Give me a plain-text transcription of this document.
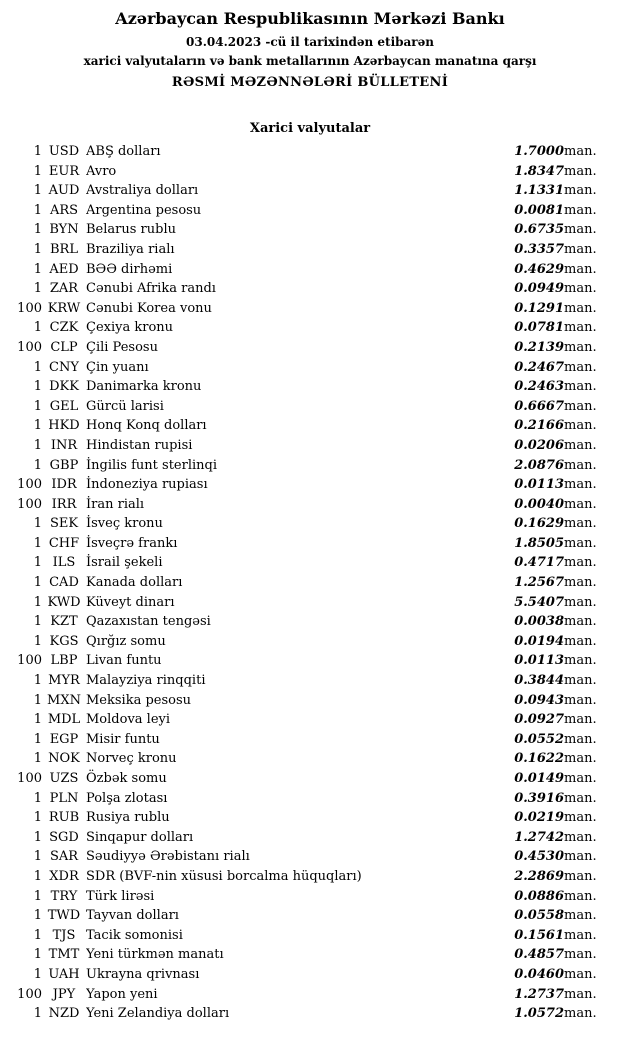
Azərbaycan Respublikasının Mərkəzi Bankı
03.04.2023 -cü il tarixindən etibarən
xarici valyutaların və bank metallarının Azərbaycan manatına qarşı
RƏSMİ MƏZƏNNƏLƏRİ BÜLLETENİ
Xarici valyutalar
1	USD	ABŞ dolları	1.7000	man.
1	EUR	Avro	1.8347	man.
1	AUD	Avstraliya dolları	1.1331	man.
1	ARS	Argentina pesosu	0.0081	man.
1	BYN	Belarus rublu	0.6735	man.
1	BRL	Braziliya rialı	0.3357	man.
1	AED	BƏƏ dirhəmi	0.4629	man.
1	ZAR	Cənubi Afrika randı	0.0949	man.
100	KRW	Cənubi Korea vonu	0.1291	man.
1	CZK	Çexiya kronu	0.0781	man.
100	CLP	Çili Pesosu	0.2139	man.
1	CNY	Çin yuanı	0.2467	man.
1	DKK	Danimarka kronu	0.2463	man.
1	GEL	Gürcü larisi	0.6667	man.
1	HKD	Honq Konq dolları	0.2166	man.
1	INR	Hindistan rupisi	0.0206	man.
1	GBP	İngilis funt sterlinqi	2.0876	man.
100	IDR	İndoneziya rupiası	0.0113	man.
100	IRR	İran rialı	0.0040	man.
1	SEK	İsveç kronu	0.1629	man.
1	CHF	İsveçrə frankı	1.8505	man.
1	ILS	İsrail şekeli	0.4717	man.
1	CAD	Kanada dolları	1.2567	man.
1	KWD	Küveyt dinarı	5.5407	man.
1	KZT	Qazaxıstan tengəsi	0.0038	man.
1	KGS	Qırğız somu	0.0194	man.
100	LBP	Livan funtu	0.0113	man.
1	MYR	Malayziya rinqqiti	0.3844	man.
1	MXN	Meksika pesosu	0.0943	man.
1	MDL	Moldova leyi	0.0927	man.
1	EGP	Misir funtu	0.0552	man.
1	NOK	Norveç kronu	0.1622	man.
100	UZS	Özbək somu	0.0149	man.
1	PLN	Polşa zlotası	0.3916	man.
1	RUB	Rusiya rublu	0.0219	man.
1	SGD	Sinqapur dolları	1.2742	man.
1	SAR	Səudiyyə Ərəbistanı rialı	0.4530	man.
1	XDR	SDR (BVF-nin xüsusi borcalma hüquqları)	2.2869	man.
1	TRY	Türk lirəsi	0.0886	man.
1	TWD	Tayvan dolları	0.0558	man.
1	TJS	Tacik somonisi	0.1561	man.
1	TMT	Yeni türkmən manatı	0.4857	man.
1	UAH	Ukrayna qrivnası	0.0460	man.
100	JPY	Yapon yeni	1.2737	man.
1	NZD	Yeni Zelandiya dolları	1.0572	man.
